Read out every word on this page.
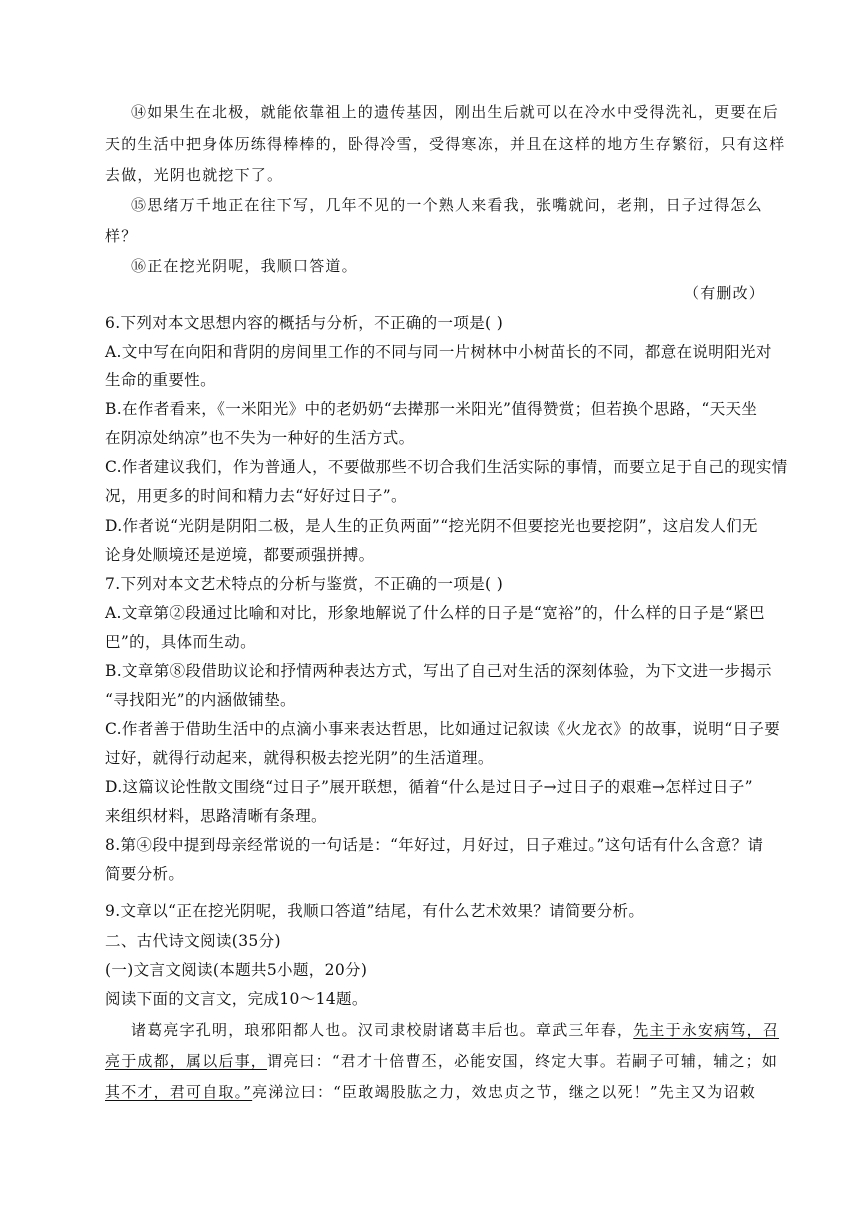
⑭如果生在北极，就能依靠祖上的遗传基因，刚出生后就可以在冷水中受得洗礼，更要在后
天的生活中把身体历练得棒棒的，卧得冷雪，受得寒冻，并且在这样的地方生存繁衍，只有这样
去做，光阴也就挖下了。
⑮思绪万千地正在往下写，几年不见的一个熟人来看我，张嘴就问，老荆，日子过得怎么
样？
⑯正在挖光阴呢，我顺口答道。
（有删改）
6.下列对本文思想内容的概括与分析，不正确的一项是( )
A.文中写在向阳和背阴的房间里工作的不同与同一片树林中小树苗长的不同，都意在说明阳光对
生命的重要性。
B.在作者看来，《一米阳光》中的老奶奶“去撵那一米阳光”值得赞赏；但若换个思路，“天天坐
在阴凉处纳凉”也不失为一种好的生活方式。
C.作者建议我们，作为普通人，不要做那些不切合我们生活实际的事情，而要立足于自己的现实情
况，用更多的时间和精力去“好好过日子”。
D.作者说“光阴是阴阳二极，是人生的正负两面”“挖光阴不但要挖光也要挖阴”，这启发人们无
论身处顺境还是逆境，都要顽强拼搏。
7.下列对本文艺术特点的分析与鉴赏，不正确的一项是( )
A.文章第②段通过比喻和对比，形象地解说了什么样的日子是“宽裕”的，什么样的日子是“紧巴
巴”的，具体而生动。
B.文章第⑧段借助议论和抒情两种表达方式，写出了自己对生活的深刻体验，为下文进一步揭示
“寻找阳光”的内涵做铺垫。
C.作者善于借助生活中的点滴小事来表达哲思，比如通过记叙读《火龙衣》的故事，说明“日子要
过好，就得行动起来，就得积极去挖光阴”的生活道理。
D.这篇议论性散文围绕“过日子”展开联想，循着“什么是过日子→过日子的艰难→怎样过日子”
来组织材料，思路清晰有条理。
8.第④段中提到母亲经常说的一句话是：“年好过，月好过，日子难过。”这句话有什么含意？请
简要分析。
9.文章以“正在挖光阴呢，我顺口答道”结尾，有什么艺术效果？请简要分析。
二、古代诗文阅读(35分)
(一)文言文阅读(本题共5小题，20分)
阅读下面的文言文，完成10～14题。
诸葛亮字孔明，琅邪阳都人也。汉司隶校尉诸葛丰后也。章武三年春，先主于永安病笃，召
亮于成都，属以后事，谓亮曰：“君才十倍曹丕，必能安国，终定大事。若嗣子可辅，辅之；如
其不才，君可自取。”亮涕泣曰：“臣敢竭股肱之力，效忠贞之节，继之以死！”先主又为诏敕
